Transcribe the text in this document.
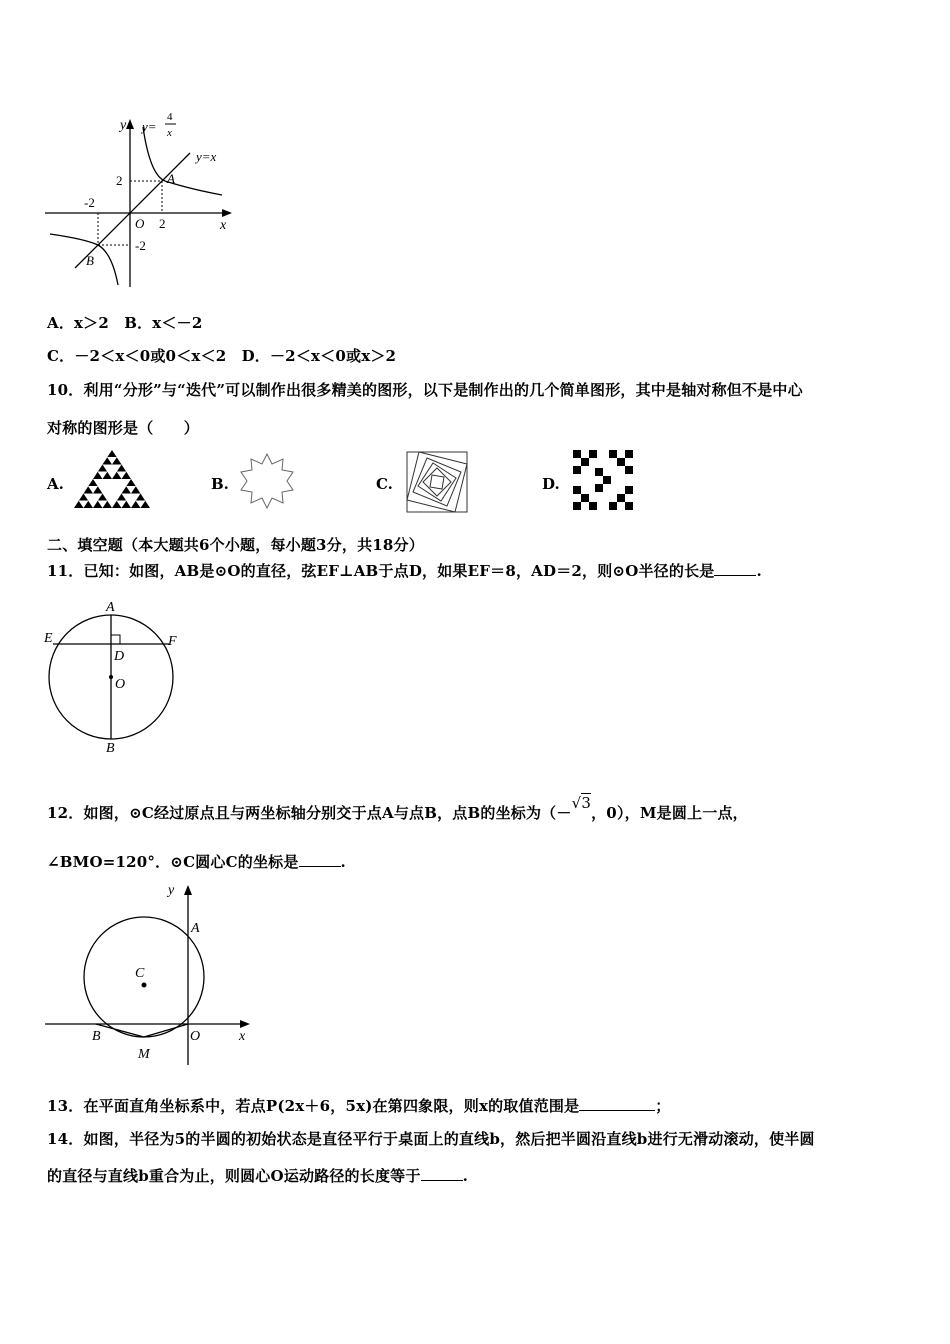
y y=
4
x
y=x
A
B
O
2
2
-2
-2
x
A．x＞2　B．x＜－2
C．－2＜x＜0或0＜x＜2　D．－2＜x＜0或x＞2
10．利用“分形”与“迭代”可以制作出很多精美的图形，以下是制作出的几个简单图形，其中是轴对称但不是中心
对称的图形是（　　）
A.	B.	C.	D.
二、填空题（本大题共6个小题，每小题3分，共18分）
11．已知：如图，AB是⊙O的直径，弦EF⊥AB于点D，如果EF＝8，AD＝2，则⊙O半径的长是	.
A
E	F
D
O
B
12．如图，⊙C经过原点且与两坐标轴分别交于点A与点B，点B的坐标为（－√3，0），M是圆上一点，
∠BMO=120°．⊙C圆心C的坐标是	.
y
A
C
B	O	x
M
13．在平面直角坐标系中，若点P(2x＋6，5x)在第四象限，则x的取值范围是	；
14．如图，半径为5的半圆的初始状态是直径平行于桌面上的直线b，然后把半圆沿直线b进行无滑动滚动，使半圆
的直径与直线b重合为止，则圆心O运动路径的长度等于	.
